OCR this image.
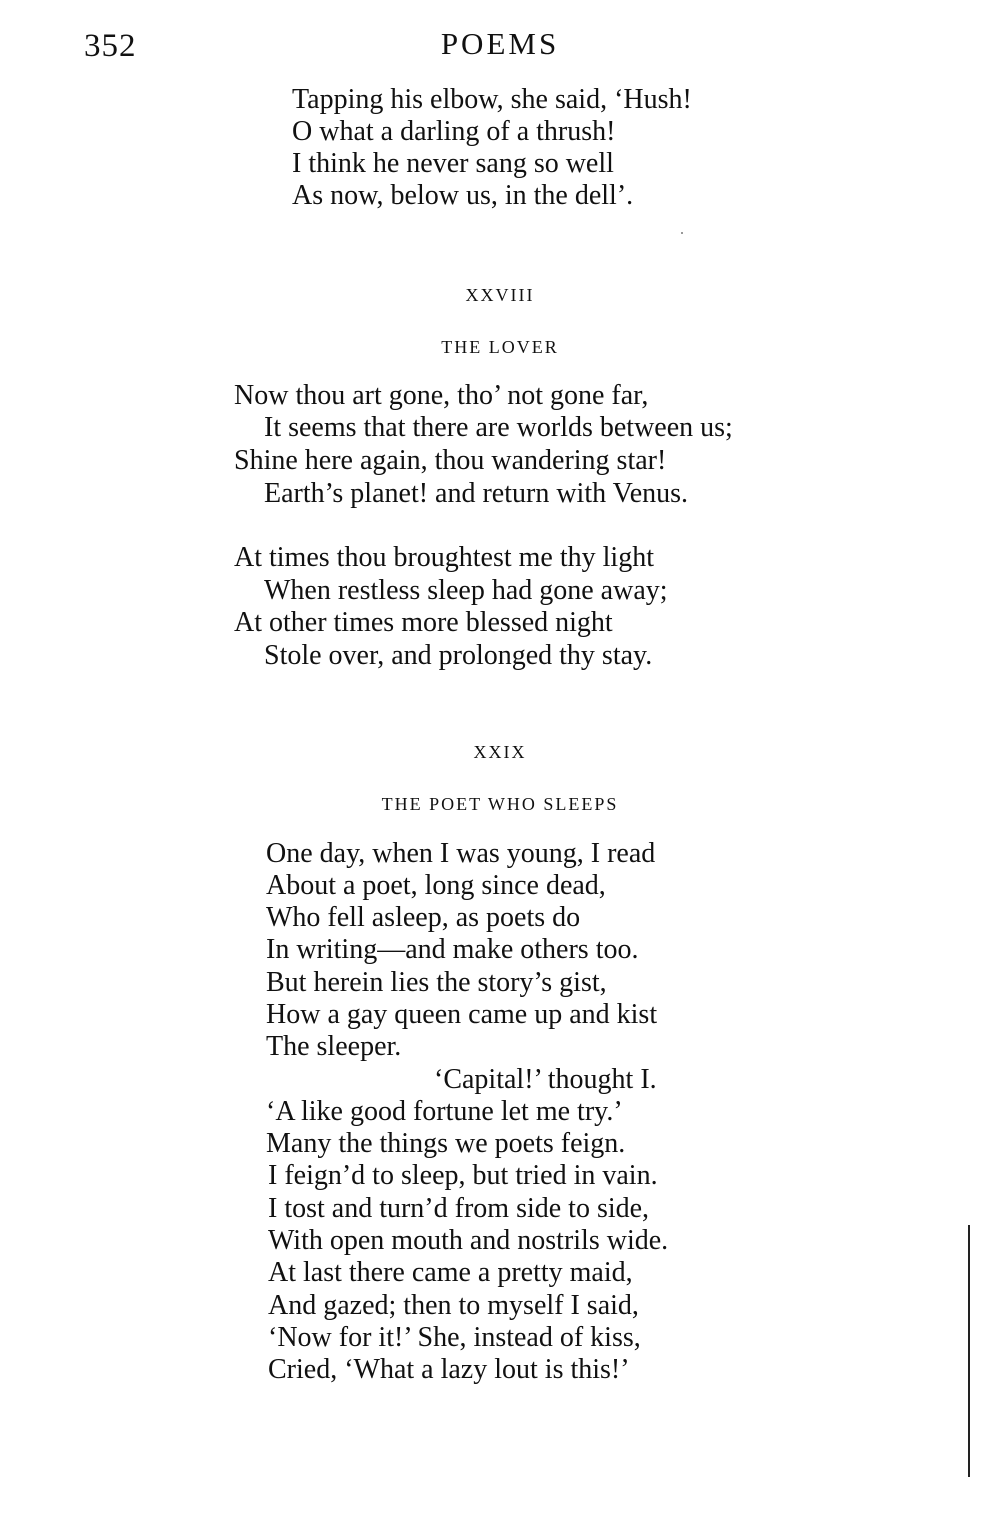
352	POEMS
Tapping his elbow, she said, ‘Hush!
O what a darling of a thrush!
I think he never sang so well
As now, below us, in the dell’.
XXVIII
THE LOVER
Now thou art gone, tho’ not gone far,
It seems that there are worlds between us;
Shine here again, thou wandering star!
Earth’s planet! and return with Venus.
At times thou broughtest me thy light
When restless sleep had gone away;
At other times more blessed night
Stole over, and prolonged thy stay.
XXIX
THE POET WHO SLEEPS
One day, when I was young, I read
About a poet, long since dead,
Who fell asleep, as poets do
In writing—and make others too.
But herein lies the story’s gist,
How a gay queen came up and kist
The sleeper.
‘Capital!’ thought I.
‘A like good fortune let me try.’
Many the things we poets feign.
I feign’d to sleep, but tried in vain.
I tost and turn’d from side to side,
With open mouth and nostrils wide.
At last there came a pretty maid,
And gazed; then to myself I said,
‘Now for it!’ She, instead of kiss,
Cried, ‘What a lazy lout is this!’
